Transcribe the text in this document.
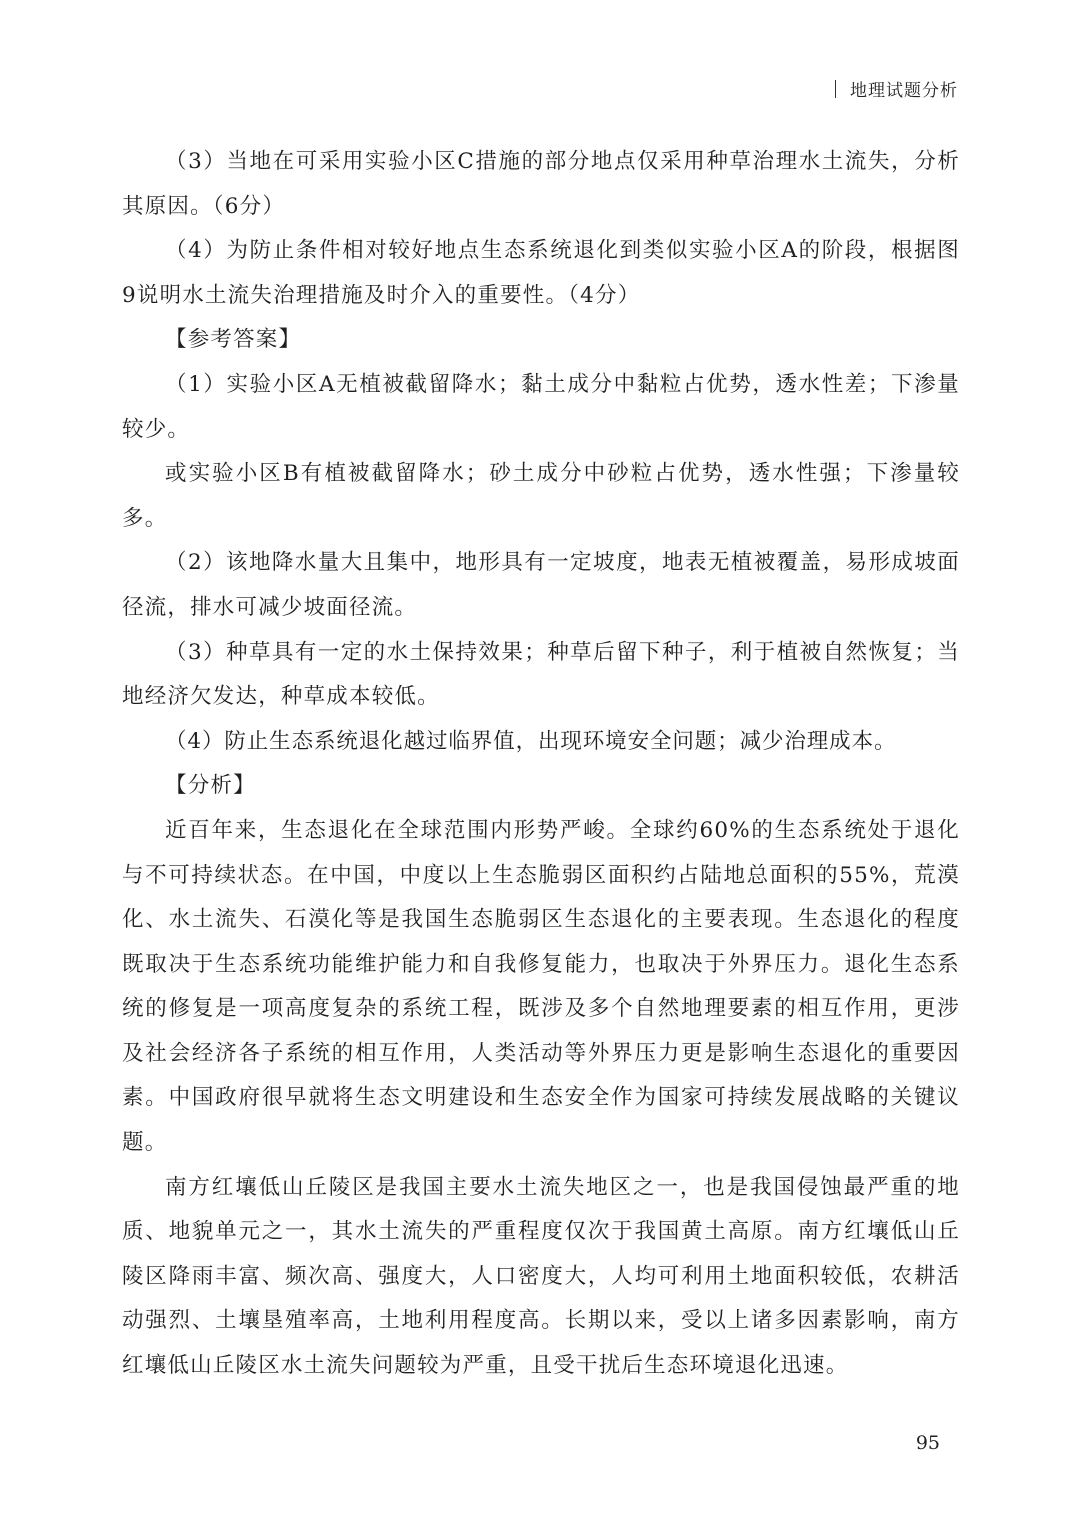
地理试题分析

（3）当地在可采用实验小区C措施的部分地点仅采用种草治理水土流失，分析其原因。（6分）

（4）为防止条件相对较好地点生态系统退化到类似实验小区A的阶段，根据图9说明水土流失治理措施及时介入的重要性。（4分）

【参考答案】

（1）实验小区A无植被截留降水；黏土成分中黏粒占优势，透水性差；下渗量较少。

或实验小区B有植被截留降水；砂土成分中砂粒占优势，透水性强；下渗量较多。

（2）该地降水量大且集中，地形具有一定坡度，地表无植被覆盖，易形成坡面径流，排水可减少坡面径流。

（3）种草具有一定的水土保持效果；种草后留下种子，利于植被自然恢复；当地经济欠发达，种草成本较低。

（4）防止生态系统退化越过临界值，出现环境安全问题；减少治理成本。

【分析】

近百年来，生态退化在全球范围内形势严峻。全球约60%的生态系统处于退化与不可持续状态。在中国，中度以上生态脆弱区面积约占陆地总面积的55%，荒漠化、水土流失、石漠化等是我国生态脆弱区生态退化的主要表现。生态退化的程度既取决于生态系统功能维护能力和自我修复能力，也取决于外界压力。退化生态系统的修复是一项高度复杂的系统工程，既涉及多个自然地理要素的相互作用，更涉及社会经济各子系统的相互作用，人类活动等外界压力更是影响生态退化的重要因素。中国政府很早就将生态文明建设和生态安全作为国家可持续发展战略的关键议题。

南方红壤低山丘陵区是我国主要水土流失地区之一，也是我国侵蚀最严重的地质、地貌单元之一，其水土流失的严重程度仅次于我国黄土高原。南方红壤低山丘陵区降雨丰富、频次高、强度大，人口密度大，人均可利用土地面积较低，农耕活动强烈、土壤垦殖率高，土地利用程度高。长期以来，受以上诸多因素影响，南方红壤低山丘陵区水土流失问题较为严重，且受干扰后生态环境退化迅速。

95
